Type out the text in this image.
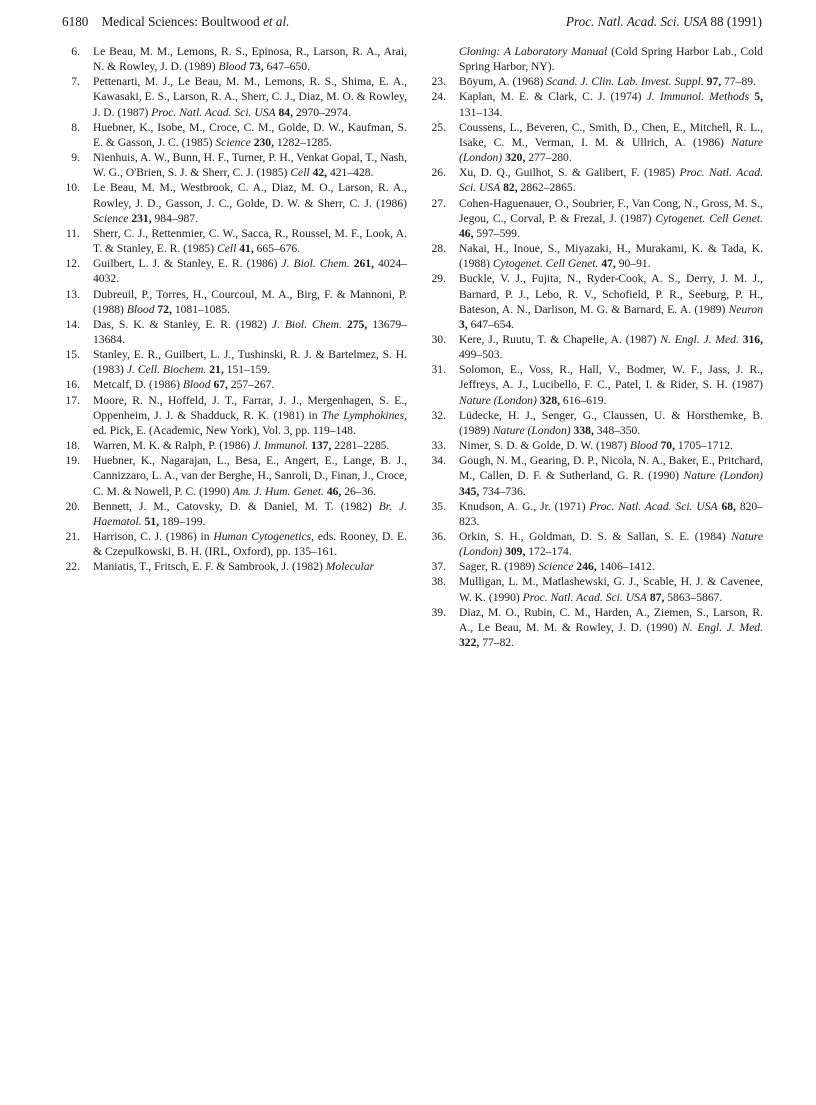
6180 Medical Sciences: Boultwood et al.	Proc. Natl. Acad. Sci. USA 88 (1991)
6. Le Beau, M. M., Lemons, R. S., Epinosa, R., Larson, R. A., Arai, N. & Rowley, J. D. (1989) Blood 73, 647–650.
7. Pettenarti, M. J., Le Beau, M. M., Lemons, R. S., Shima, E. A., Kawasaki, E. S., Larson, R. A., Sherr, C. J., Diaz, M. O. & Rowley, J. D. (1987) Proc. Natl. Acad. Sci. USA 84, 2970–2974.
8. Huebner, K., Isobe, M., Croce, C. M., Golde, D. W., Kaufman, S. E. & Gasson, J. C. (1985) Science 230, 1282–1285.
9. Nienhuis, A. W., Bunn, H. F., Turner, P. H., Venkat Gopal, T., Nash, W. G., O'Brien, S. J. & Sherr, C. J. (1985) Cell 42, 421–428.
10. Le Beau, M. M., Westbrook, C. A., Diaz, M. O., Larson, R. A., Rowley, J. D., Gasson, J. C., Golde, D. W. & Sherr, C. J. (1986) Science 231, 984–987.
11. Sherr, C. J., Rettenmier, C. W., Sacca, R., Roussel, M. F., Look, A. T. & Stanley, E. R. (1985) Cell 41, 665–676.
12. Guilbert, L. J. & Stanley, E. R. (1986) J. Biol. Chem. 261, 4024–4032.
13. Dubreuil, P., Torres, H., Courcoul, M. A., Birg, F. & Mannoni, P. (1988) Blood 72, 1081–1085.
14. Das, S. K. & Stanley, E. R. (1982) J. Biol. Chem. 275, 13679–13684.
15. Stanley, E. R., Guilbert, L. J., Tushinski, R. J. & Bartelmez, S. H. (1983) J. Cell. Biochem. 21, 151–159.
16. Metcalf, D. (1986) Blood 67, 257–267.
17. Moore, R. N., Hoffeld, J. T., Farrar, J. J., Mergenhagen, S. E., Oppenheim, J. J. & Shadduck, R. K. (1981) in The Lymphokines, ed. Pick, E. (Academic, New York), Vol. 3, pp. 119–148.
18. Warren, M. K. & Ralph, P. (1986) J. Immunol. 137, 2281–2285.
19. Huebner, K., Nagarajan, L., Besa, E., Angert, E., Lange, B. J., Cannizzaro, L. A., van der Berghe, H., Sanroli, D., Finan, J., Croce, C. M. & Nowell, P. C. (1990) Am. J. Hum. Genet. 46, 26–36.
20. Bennett, J. M., Catovsky, D. & Daniel, M. T. (1982) Br. J. Haematol. 51, 189–199.
21. Harrison, C. J. (1986) in Human Cytogenetics, eds. Rooney, D. E. & Czepulkowski, B. H. (IRL, Oxford), pp. 135–161.
22. Maniatis, T., Fritsch, E. F. & Sambrook, J. (1982) Molecular
Cloning: A Laboratory Manual (Cold Spring Harbor Lab., Cold Spring Harbor, NY).
23. Bōyum, A. (1968) Scand. J. Clin. Lab. Invest. Suppl. 97, 77–89.
24. Kaplan, M. E. & Clark, C. J. (1974) J. Immunol. Methods 5, 131–134.
25. Coussens, L., Beveren, C., Smith, D., Chen, E., Mitchell, R. L., Isake, C. M., Verman, I. M. & Ullrich, A. (1986) Nature (London) 320, 277–280.
26. Xu, D. Q., Guilhot, S. & Galibert, F. (1985) Proc. Natl. Acad. Sci. USA 82, 2862–2865.
27. Cohen-Haguenauer, O., Soubrier, F., Van Cong, N., Gross, M. S., Jegou, C., Corval, P. & Frezal, J. (1987) Cytogenet. Cell Genet. 46, 597–599.
28. Nakai, H., Inoue, S., Miyazaki, H., Murakami, K. & Tada, K. (1988) Cytogenet. Cell Genet. 47, 90–91.
29. Buckle, V. J., Fujita, N., Ryder-Cook, A. S., Derry, J. M. J., Barnard, P. J., Lebo, R. V., Schofield, P. R., Seeburg, P. H., Bateson, A. N., Darlison, M. G. & Barnard, E. A. (1989) Neuron 3, 647–654.
30. Kere, J., Ruutu, T. & Chapelle, A. (1987) N. Engl. J. Med. 316, 499–503.
31. Solomon, E., Voss, R., Hall, V., Bodmer, W. F., Jass, J. R., Jeffreys, A. J., Lucibello, F. C., Patel, I. & Rider, S. H. (1987) Nature (London) 328, 616–619.
32. Lüdecke, H. J., Senger, G., Claussen, U. & Horsthemke, B. (1989) Nature (London) 338, 348–350.
33. Nimer, S. D. & Golde, D. W. (1987) Blood 70, 1705–1712.
34. Gough, N. M., Gearing, D. P., Nicola, N. A., Baker, E., Pritchard, M., Callen, D. F. & Sutherland, G. R. (1990) Nature (London) 345, 734–736.
35. Knudson, A. G., Jr. (1971) Proc. Natl. Acad. Sci. USA 68, 820–823.
36. Orkin, S. H., Goldman, D. S. & Sallan, S. E. (1984) Nature (London) 309, 172–174.
37. Sager, R. (1989) Science 246, 1406–1412.
38. Mulligan, L. M., Matlashewski, G. J., Scable, H. J. & Cavenee, W. K. (1990) Proc. Natl. Acad. Sci. USA 87, 5863–5867.
39. Diaz, M. O., Rubin, C. M., Harden, A., Ziemen, S., Larson, R. A., Le Beau, M. M. & Rowley, J. D. (1990) N. Engl. J. Med. 322, 77–82.
